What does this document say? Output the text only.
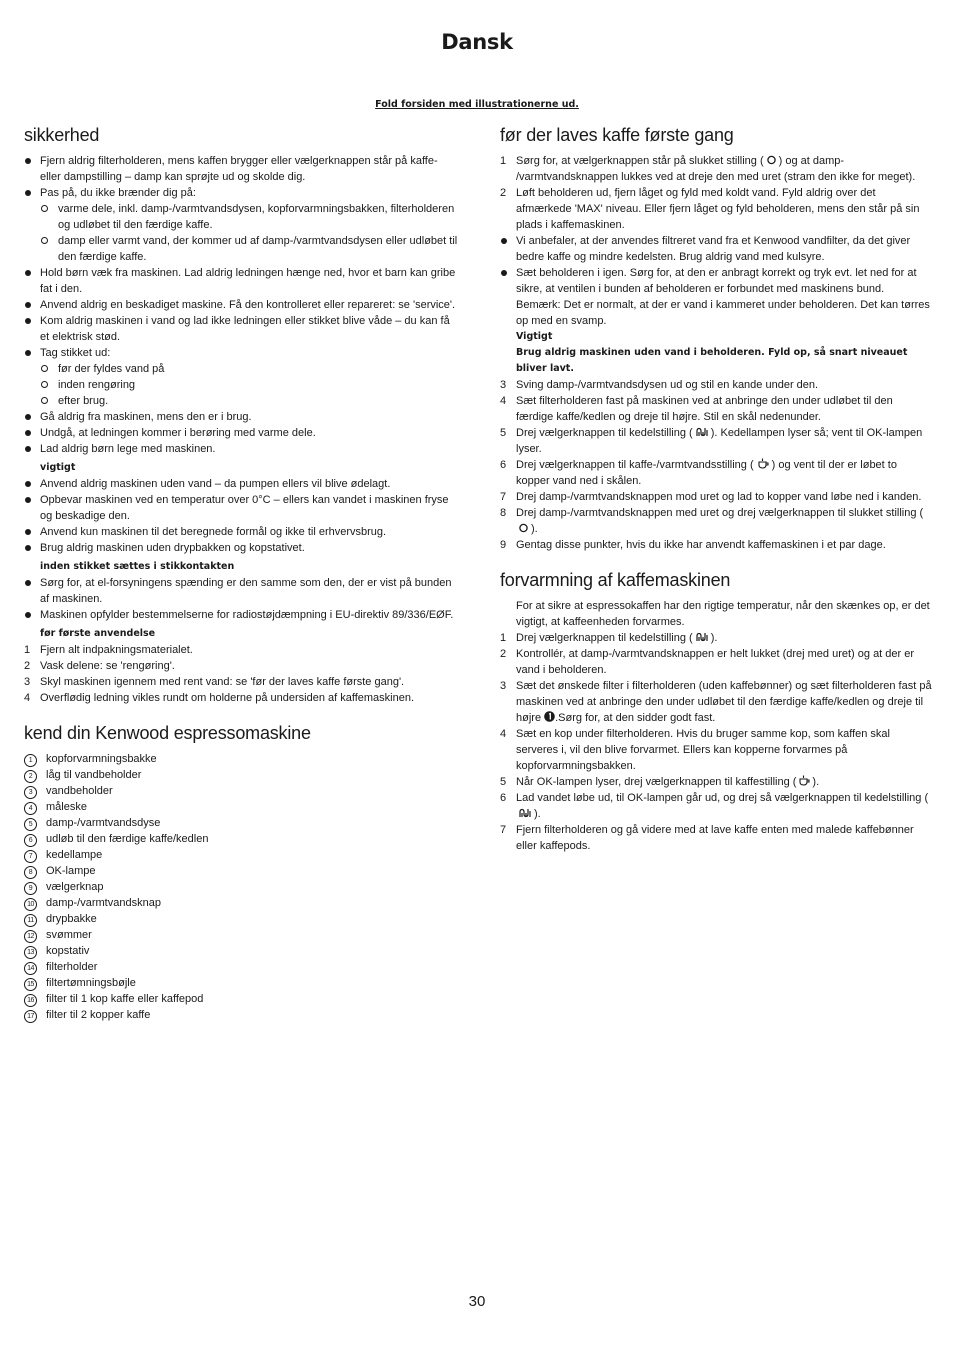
Dansk
Fold forsiden med illustrationerne ud.
sikkerhed
Fjern aldrig filterholderen, mens kaffen brygger eller vælgerknappen står på kaffe- eller dampstilling – damp kan sprøjte ud og skolde dig.
Pas på, du ikke brænder dig på:
varme dele, inkl. damp-/varmtvandsdysen, kopforvarmningsbakken, filterholderen og udløbet til den færdige kaffe.
damp eller varmt vand, der kommer ud af damp-/varmtvandsdysen eller udløbet til den færdige kaffe.
Hold børn væk fra maskinen. Lad aldrig ledningen hænge ned, hvor et barn kan gribe fat i den.
Anvend aldrig en beskadiget maskine. Få den kontrolleret eller repareret: se 'service'.
Kom aldrig maskinen i vand og lad ikke ledningen eller stikket blive våde – du kan få et elektrisk stød.
Tag stikket ud:
før der fyldes vand på
inden rengøring
efter brug.
Gå aldrig fra maskinen, mens den er i brug.
Undgå, at ledningen kommer i berøring med varme dele.
Lad aldrig børn lege med maskinen.
vigtigt
Anvend aldrig maskinen uden vand – da pumpen ellers vil blive ødelagt.
Opbevar maskinen ved en temperatur over 0°C – ellers kan vandet i maskinen fryse og beskadige den.
Anvend kun maskinen til det beregnede formål og ikke til erhvervsbrug.
Brug aldrig maskinen uden drypbakken og kopstativet.
inden stikket sættes i stikkontakten
Sørg for, at el-forsyningens spænding er den samme som den, der er vist på bunden af maskinen.
Maskinen opfylder bestemmelserne for radiostøjdæmpning i EU-direktiv 89/336/EØF.
før første anvendelse
1 Fjern alt indpakningsmaterialet.
2 Vask delene: se 'rengøring'.
3 Skyl maskinen igennem med rent vand: se 'før der laves kaffe første gang'.
4 Overflødig ledning vikles rundt om holderne på undersiden af kaffemaskinen.
kend din Kenwood espressomaskine
1	kopforvarmningsbakke
2	låg til vandbeholder
3	vandbeholder
4	måleske
5	damp-/varmtvandsdyse
6	udløb til den færdige kaffe/kedlen
7	kedellampe
8	OK-lampe
9	vælgerknap
10	damp-/varmtvandsknap
11	drypbakke
12	svømmer
13	kopstativ
14	filterholder
15	filtertømningsbøjle
16	filter til 1 kop kaffe eller kaffepod
17	filter til 2 kopper kaffe
før der laves kaffe første gang
1 Sørg for, at vælgerknappen står på slukket stilling ( ) og at damp- /varmtvandsknappen lukkes ved at dreje den med uret (stram den ikke for meget).
2 Løft beholderen ud, fjern låget og fyld med koldt vand. Fyld aldrig over det afmærkede 'MAX' niveau. Eller fjern låget og fyld beholderen, mens den står på sin plads i kaffemaskinen.
Vi anbefaler, at der anvendes filtreret vand fra et Kenwood vandfilter, da det giver bedre kaffe og mindre kedelsten. Brug aldrig vand med kulsyre.
Sæt beholderen i igen. Sørg for, at den er anbragt korrekt og tryk evt. let ned for at sikre, at ventilen i bunden af beholderen er forbundet med maskinens bund.
Bemærk: Det er normalt, at der er vand i kammeret under beholderen. Det kan tørres op med en svamp.
Vigtigt
Brug aldrig maskinen uden vand i beholderen. Fyld op, så snart niveauet bliver lavt.
3 Sving damp-/varmtvandsdysen ud og stil en kande under den.
4 Sæt filterholderen fast på maskinen ved at anbringe den under udløbet til den færdige kaffe/kedlen og dreje til højre. Stil en skål nedenunder.
5 Drej vælgerknappen til kedelstilling ( ). Kedellampen lyser så; vent til OK-lampen lyser.
6 Drej vælgerknappen til kaffe-/varmtvandsstilling ( ) og vent til der er løbet to kopper vand ned i skålen.
7 Drej damp-/varmtvandsknappen mod uret og lad to kopper vand løbe ned i kanden.
8 Drej damp-/varmtvandsknappen med uret og drej vælgerknappen til slukket stilling ().
9 Gentag disse punkter, hvis du ikke har anvendt kaffemaskinen i et par dage.
forvarmning af kaffemaskinen
For at sikre at espressokaffen har den rigtige temperatur, når den skænkes op, er det vigtigt, at kaffeenheden forvarmes.
1 Drej vælgerknappen til kedelstilling ( ).
2 Kontrollér, at damp-/varmtvandsknappen er helt lukket (drej med uret) og at der er vand i beholderen.
3 Sæt det ønskede filter i filterholderen (uden kaffebønner) og sæt filterholderen fast på maskinen ved at anbringe den under udløbet til den færdige kaffe/kedlen og dreje til højre .Sørg for, at den sidder godt fast.
4 Sæt en kop under filterholderen. Hvis du bruger samme kop, som kaffen skal serveres i, vil den blive forvarmet. Ellers kan kopperne forvarmes på kopforvarmningsbakken.
5 Når OK-lampen lyser, drej vælgerknappen til kaffestilling ( ).
6 Lad vandet løbe ud, til OK-lampen går ud, og drej så vælgerknappen til kedelstilling ().
7 Fjern filterholderen og gå videre med at lave kaffe enten med malede kaffebønner eller kaffepods.
30
